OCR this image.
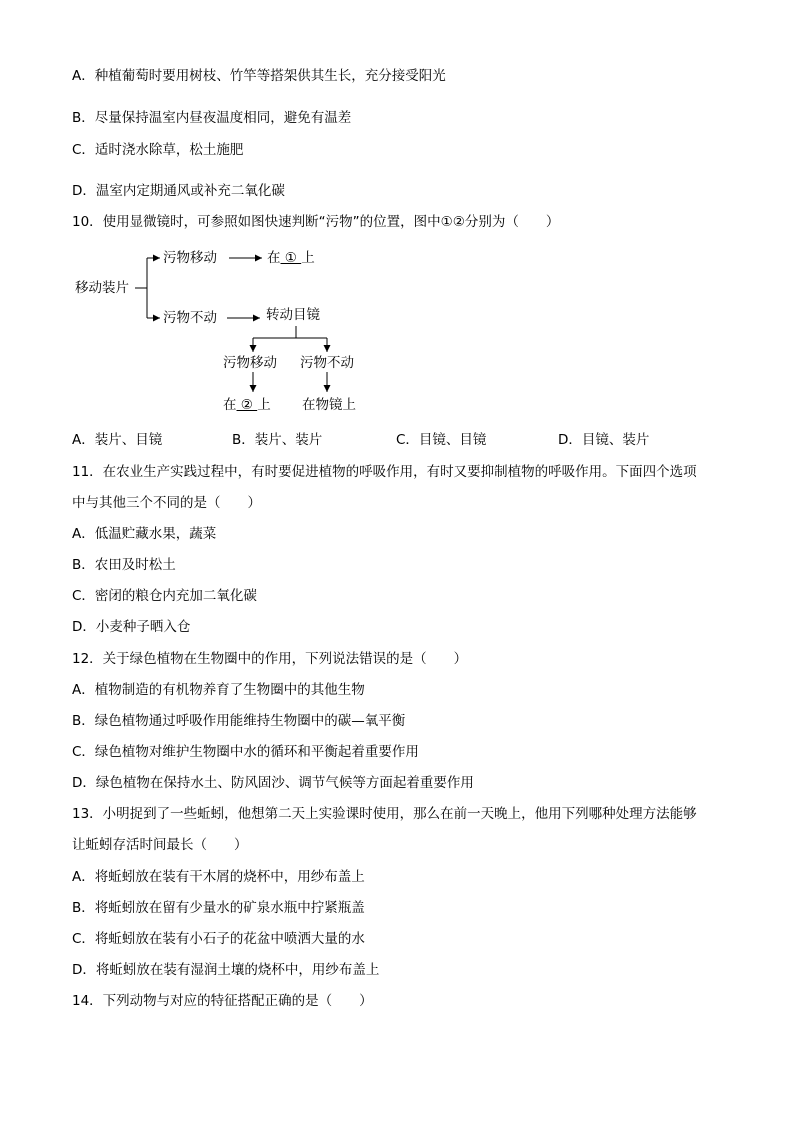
A．种植葡萄时要用树枝、竹竿等搭架供其生长，充分接受阳光
B．尽量保持温室内昼夜温度相同，避免有温差
C．适时浇水除草，松土施肥
D．温室内定期通风或补充二氧化碳
10．使用显微镜时，可参照如图快速判断“污物”的位置，图中①②分别为（　　）
移动装片
污物移动	在 ① 上
污物不动	转动目镜
污物移动 污物不动
在 ② 上 在物镜上
A．装片、目镜	B．装片、装片	C．目镜、目镜	D．目镜、装片
11．在农业生产实践过程中，有时要促进植物的呼吸作用，有时又要抑制植物的呼吸作用。下面四个选项
中与其他三个不同的是（　　）
A．低温贮藏水果，蔬菜
B．农田及时松土
C．密闭的粮仓内充加二氧化碳
D．小麦种子晒入仓
12．关于绿色植物在生物圈中的作用，下列说法错误的是（　　）
A．植物制造的有机物养育了生物圈中的其他生物
B．绿色植物通过呼吸作用能维持生物圈中的碳—氧平衡
C．绿色植物对维护生物圈中水的循环和平衡起着重要作用
D．绿色植物在保持水土、防风固沙、调节气候等方面起着重要作用
13．小明捉到了一些蚯蚓，他想第二天上实验课时使用，那么在前一天晚上，他用下列哪种处理方法能够
让蚯蚓存活时间最长（　　）
A．将蚯蚓放在装有干木屑的烧杯中，用纱布盖上
B．将蚯蚓放在留有少量水的矿泉水瓶中拧紧瓶盖
C．将蚯蚓放在装有小石子的花盆中喷洒大量的水
D．将蚯蚓放在装有湿润土壤的烧杯中，用纱布盖上
14．下列动物与对应的特征搭配正确的是（　　）
